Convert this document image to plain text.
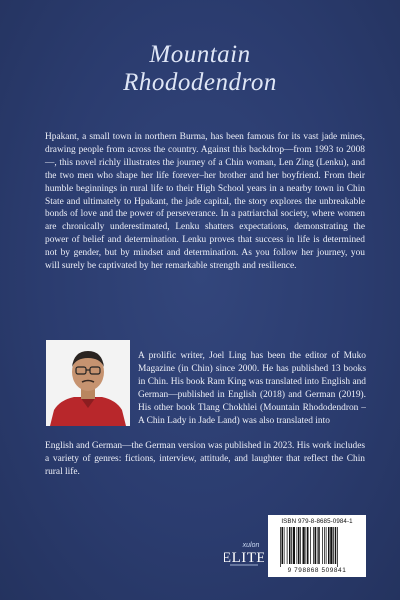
Mountain
Rhododendron

Hpakant, a small town in northern Burma, has been famous for its vast jade mines, drawing people from across the country. Against this backdrop—from 1993 to 2008—, this novel richly illustrates the journey of a Chin woman, Len Zing (Lenku), and the two men who shape her life forever–her brother and her boyfriend. From their humble beginnings in rural life to their High School years in a nearby town in Chin State and ultimately to Hpakant, the jade capital, the story explores the unbreakable bonds of love and the power of perseverance. In a patriarchal society, where women are chronically underestimated, Lenku shatters expectations, demonstrating the power of belief and determination. Lenku proves that success in life is determined not by gender, but by mindset and determination. As you follow her journey, you will surely be captivated by her remarkable strength and resilience.

A prolific writer, Joel Ling has been the editor of Muko Magazine (in Chin) since 2000. He has published 13 books in Chin. His book Ram King was translated into English and German—published in English (2018) and German (2019). His other book Tlang Chokhlei (Mountain Rhododendron – A Chin Lady in Jade Land) was also translated into

English and German—the German version was published in 2023. His work includes a variety of genres: fictions, interview, attitude, and laughter that reflect the Chin rural life.

xulon
ELITE
ISBN 979-8-8685-0984-1
9 798868 509841
